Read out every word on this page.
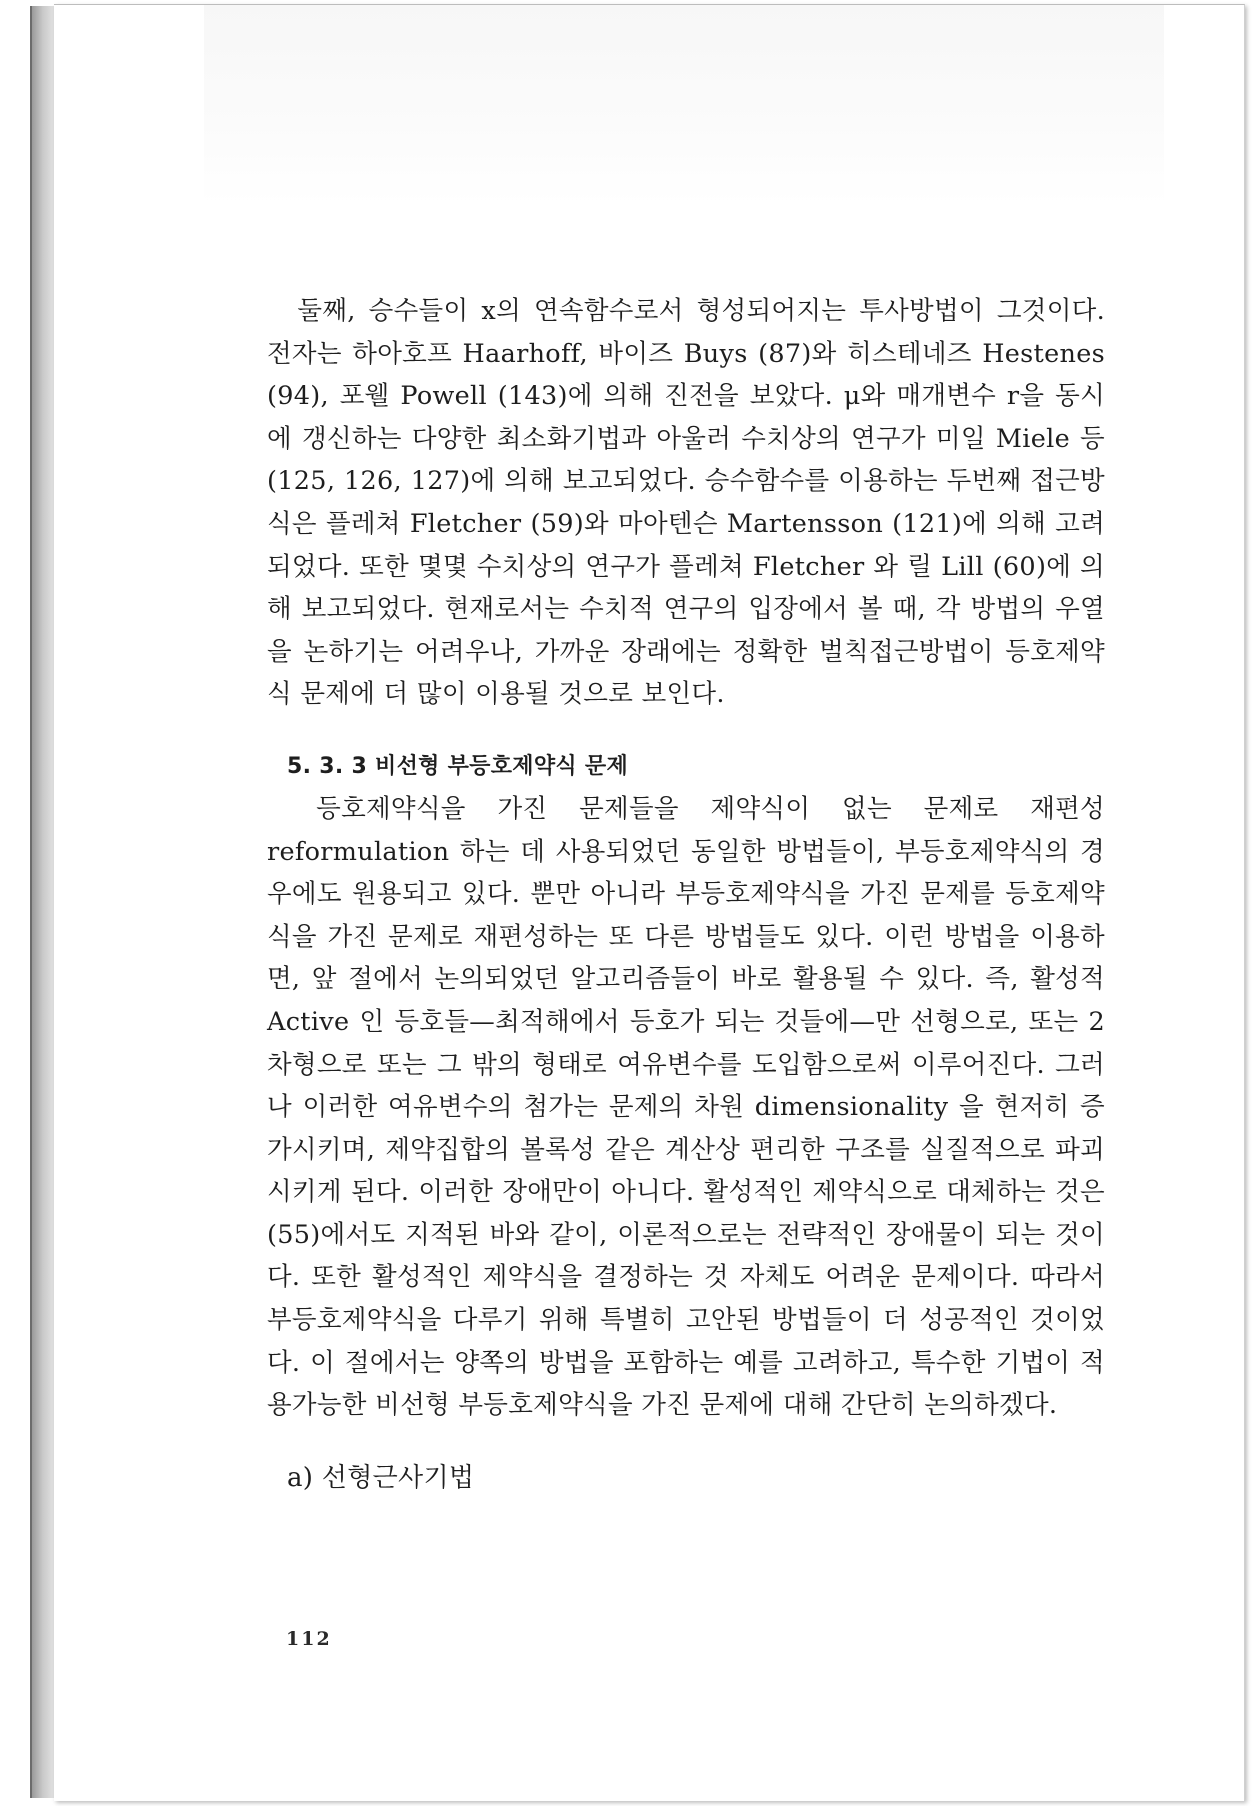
　둘째, 승수들이 x의 연속함수로서 형성되어지는 투사방법이 그것이다. 전자는 하아호프 Haarhoff, 바이즈 Buys (87)와 히스테네즈 Hestenes (94), 포웰 Powell (143)에 의해 진전을 보았다. μ와 매개변수 r을 동시에 갱신하는 다양한 최소화기법과 아울러 수치상의 연구가 미일 Miele 등 (125, 126, 127)에 의해 보고되었다. 승수함수를 이용하는 두번째 접근방식은 플레쳐 Fletcher (59)와 마아텐슨 Martensson (121)에 의해 고려되었다. 또한 몇몇 수치상의 연구가 플레쳐 Fletcher 와 릴 Lill (60)에 의해 보고되었다. 현재로서는 수치적 연구의 입장에서 볼 때, 각 방법의 우열을 논하기는 어려우나, 가까운 장래에는 정확한 벌칙접근방법이 등호제약식 문제에 더 많이 이용될 것으로 보인다.

5. 3. 3 비선형 부등호제약식 문제

　등호제약식을 가진 문제들을 제약식이 없는 문제로 재편성 reformulation 하는 데 사용되었던 동일한 방법들이, 부등호제약식의 경우에도 원용되고 있다. 뿐만 아니라 부등호제약식을 가진 문제를 등호제약식을 가진 문제로 재편성하는 또 다른 방법들도 있다. 이런 방법을 이용하면, 앞 절에서 논의되었던 알고리즘들이 바로 활용될 수 있다. 즉, 활성적 Active 인 등호들—최적해에서 등호가 되는 것들에—만 선형으로, 또는 2차형으로 또는 그 밖의 형태로 여유변수를 도입함으로써 이루어진다. 그러나 이러한 여유변수의 첨가는 문제의 차원 dimensionality 을 현저히 증가시키며, 제약집합의 볼록성 같은 계산상 편리한 구조를 실질적으로 파괴시키게 된다. 이러한 장애만이 아니다. 활성적인 제약식으로 대체하는 것은 (55)에서도 지적된 바와 같이, 이론적으로는 전략적인 장애물이 되는 것이다. 또한 활성적인 제약식을 결정하는 것 자체도 어려운 문제이다. 따라서 부등호제약식을 다루기 위해 특별히 고안된 방법들이 더 성공적인 것이었다. 이 절에서는 양쪽의 방법을 포함하는 예를 고려하고, 특수한 기법이 적용가능한 비선형 부등호제약식을 가진 문제에 대해 간단히 논의하겠다.

a) 선형근사기법
112
